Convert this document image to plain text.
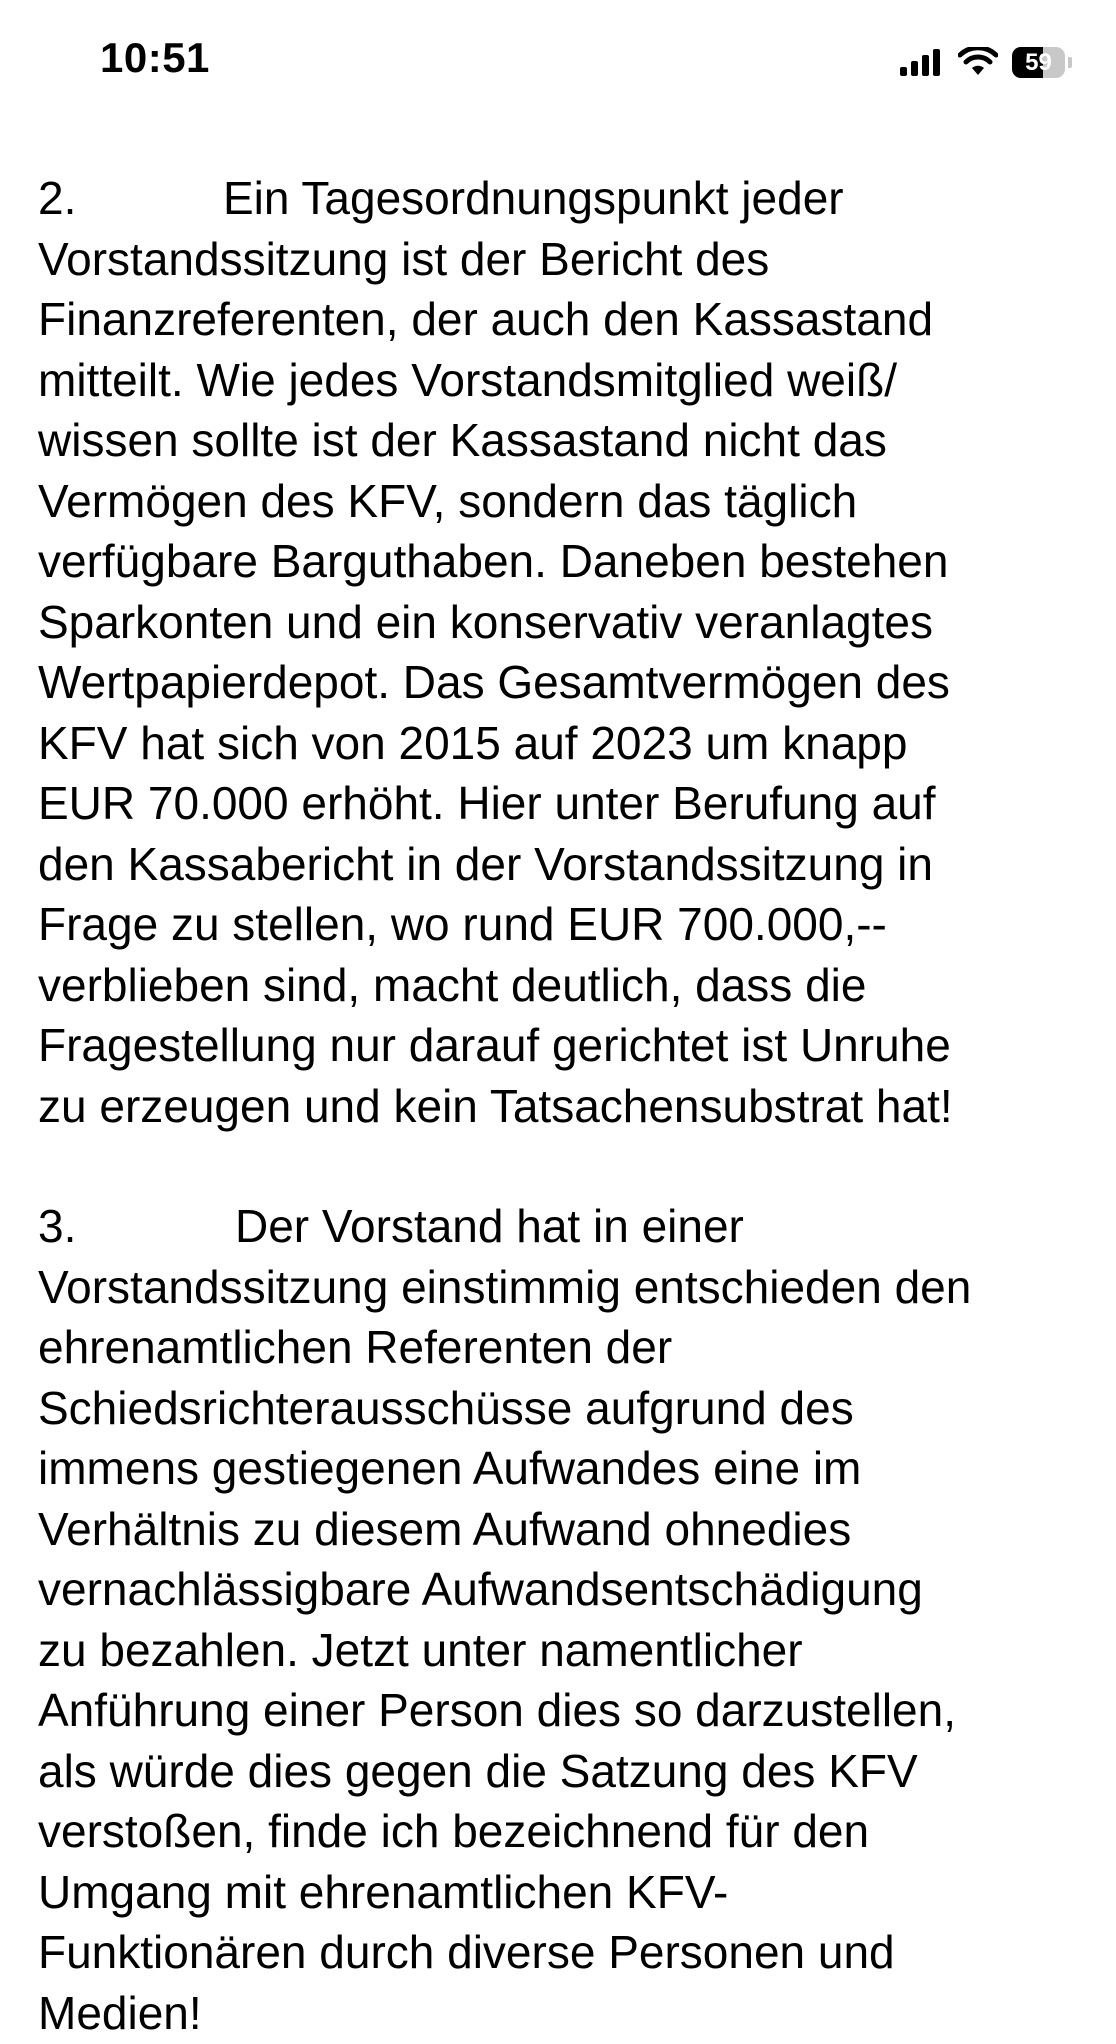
10:51	59
2.	Ein Tagesordnungspunkt jeder
Vorstandssitzung ist der Bericht des
Finanzreferenten, der auch den Kassastand
mitteilt. Wie jedes Vorstandsmitglied weiß/
wissen sollte ist der Kassastand nicht das
Vermögen des KFV, sondern das täglich
verfügbare Barguthaben. Daneben bestehen
Sparkonten und ein konservativ veranlagtes
Wertpapierdepot. Das Gesamtvermögen des
KFV hat sich von 2015 auf 2023 um knapp
EUR 70.000 erhöht. Hier unter Berufung auf
den Kassabericht in der Vorstandssitzung in
Frage zu stellen, wo rund EUR 700.000,--
verblieben sind, macht deutlich, dass die
Fragestellung nur darauf gerichtet ist Unruhe
zu erzeugen und kein Tatsachensubstrat hat!
3.	Der Vorstand hat in einer
Vorstandssitzung einstimmig entschieden den
ehrenamtlichen Referenten der
Schiedsrichterausschüsse aufgrund des
immens gestiegenen Aufwandes eine im
Verhältnis zu diesem Aufwand ohnedies
vernachlässigbare Aufwandsentschädigung
zu bezahlen. Jetzt unter namentlicher
Anführung einer Person dies so darzustellen,
als würde dies gegen die Satzung des KFV
verstoßen, finde ich bezeichnend für den
Umgang mit ehrenamtlichen KFV-
Funktionären durch diverse Personen und
Medien!
